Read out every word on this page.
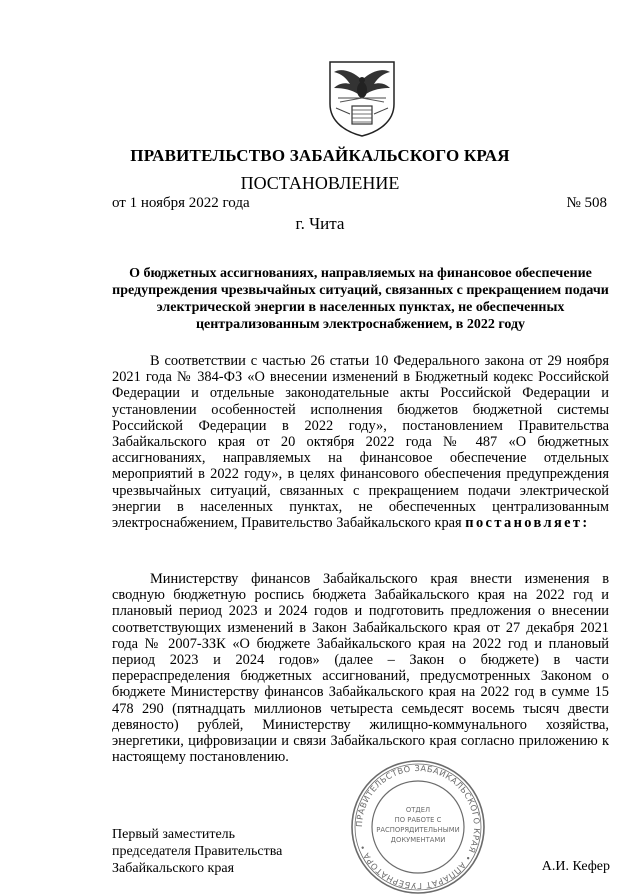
ПРАВИТЕЛЬСТВО ЗАБАЙКАЛЬСКОГО КРАЯ
ПОСТАНОВЛЕНИЕ
от 1 ноября 2022 года	№ 508
г. Чита
О бюджетных ассигнованиях, направляемых на финансовое обеспечение предупреждения чрезвычайных ситуаций, связанных с прекращением подачи электрической энергии в населенных пунктах, не обеспеченных централизованным электроснабжением, в 2022 году
В соответствии с частью 26 статьи 10 Федерального закона от 29 ноября 2021 года № 384-ФЗ «О внесении изменений в Бюджетный кодекс Российской Федерации и отдельные законодательные акты Российской Федерации и установлении особенностей исполнения бюджетов бюджетной системы Российской Федерации в 2022 году», постановлением Правительства Забайкальского края от 20 октября 2022 года № 487 «О бюджетных ассигнованиях, направляемых на финансовое обеспечение отдельных мероприятий в 2022 году», в целях финансового обеспечения предупреждения чрезвычайных ситуаций, связанных с прекращением подачи электрической энергии в населенных пунктах, не обеспеченных централизованным электроснабжением, Правительство Забайкальского края постановляет:
Министерству финансов Забайкальского края внести изменения в сводную бюджетную роспись бюджета Забайкальского края на 2022 год и плановый период 2023 и 2024 годов и подготовить предложения о внесении соответствующих изменений в Закон Забайкальского края от 27 декабря 2021 года № 2007-ЗЗК «О бюджете Забайкальского края на 2022 год и плановый период 2023 и 2024 годов» (далее – Закон о бюджете) в части перераспределения бюджетных ассигнований, предусмотренных Законом о бюджете Министерству финансов Забайкальского края на 2022 год в сумме 15 478 290 (пятнадцать миллионов четыреста семьдесят восемь тысяч двести девяносто) рублей, Министерству жилищно-коммунального хозяйства, энергетики, цифровизации и связи Забайкальского края согласно приложению к настоящему постановлению.
ПРАВИТЕЛЬСТВО ЗАБАЙКАЛЬСКОГО КРАЯ • АППАРАТ ГУБЕРНАТОРА •
ОТДЕЛ
ПО РАБОТЕ С
РАСПОРЯДИТЕЛЬНЫМИ
ДОКУМЕНТАМИ
Первый заместитель
председателя Правительства
Забайкальского края	А.И. Кефер
